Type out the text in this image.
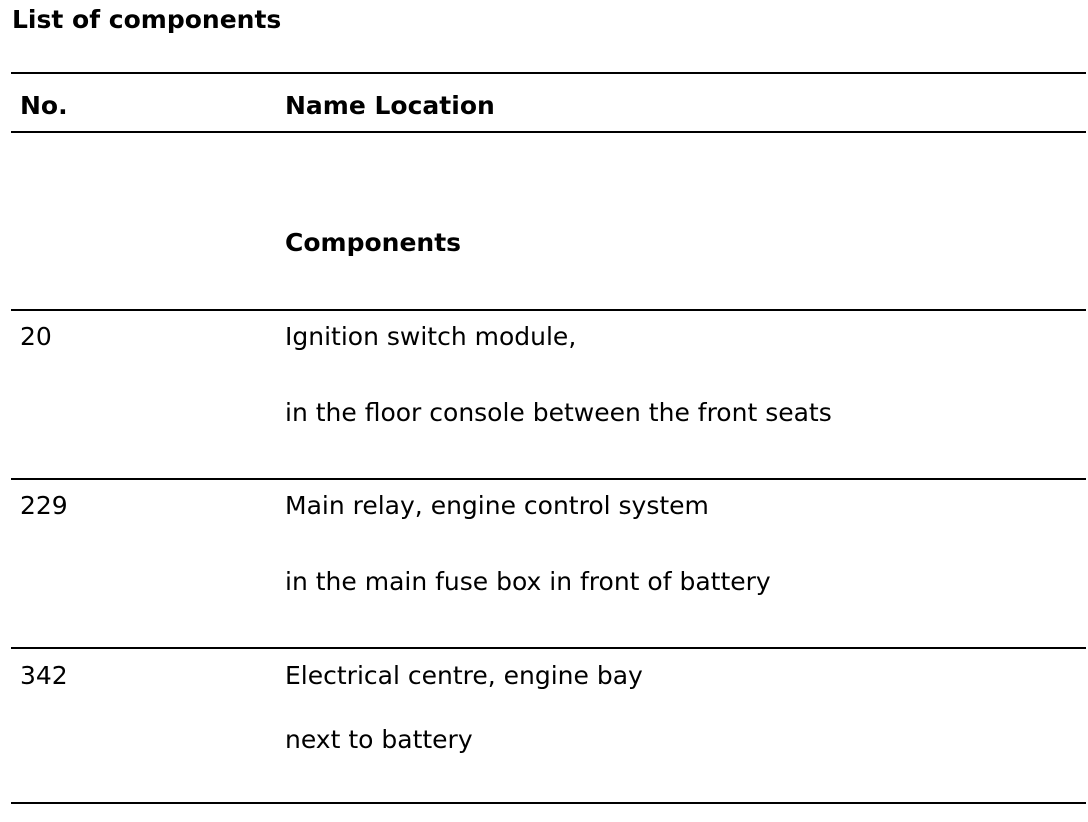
List of components
No.	Name Location
Components
20	Ignition switch module,
in the floor console between the front seats
229	Main relay, engine control system
in the main fuse box in front of battery
342	Electrical centre, engine bay
next to battery
